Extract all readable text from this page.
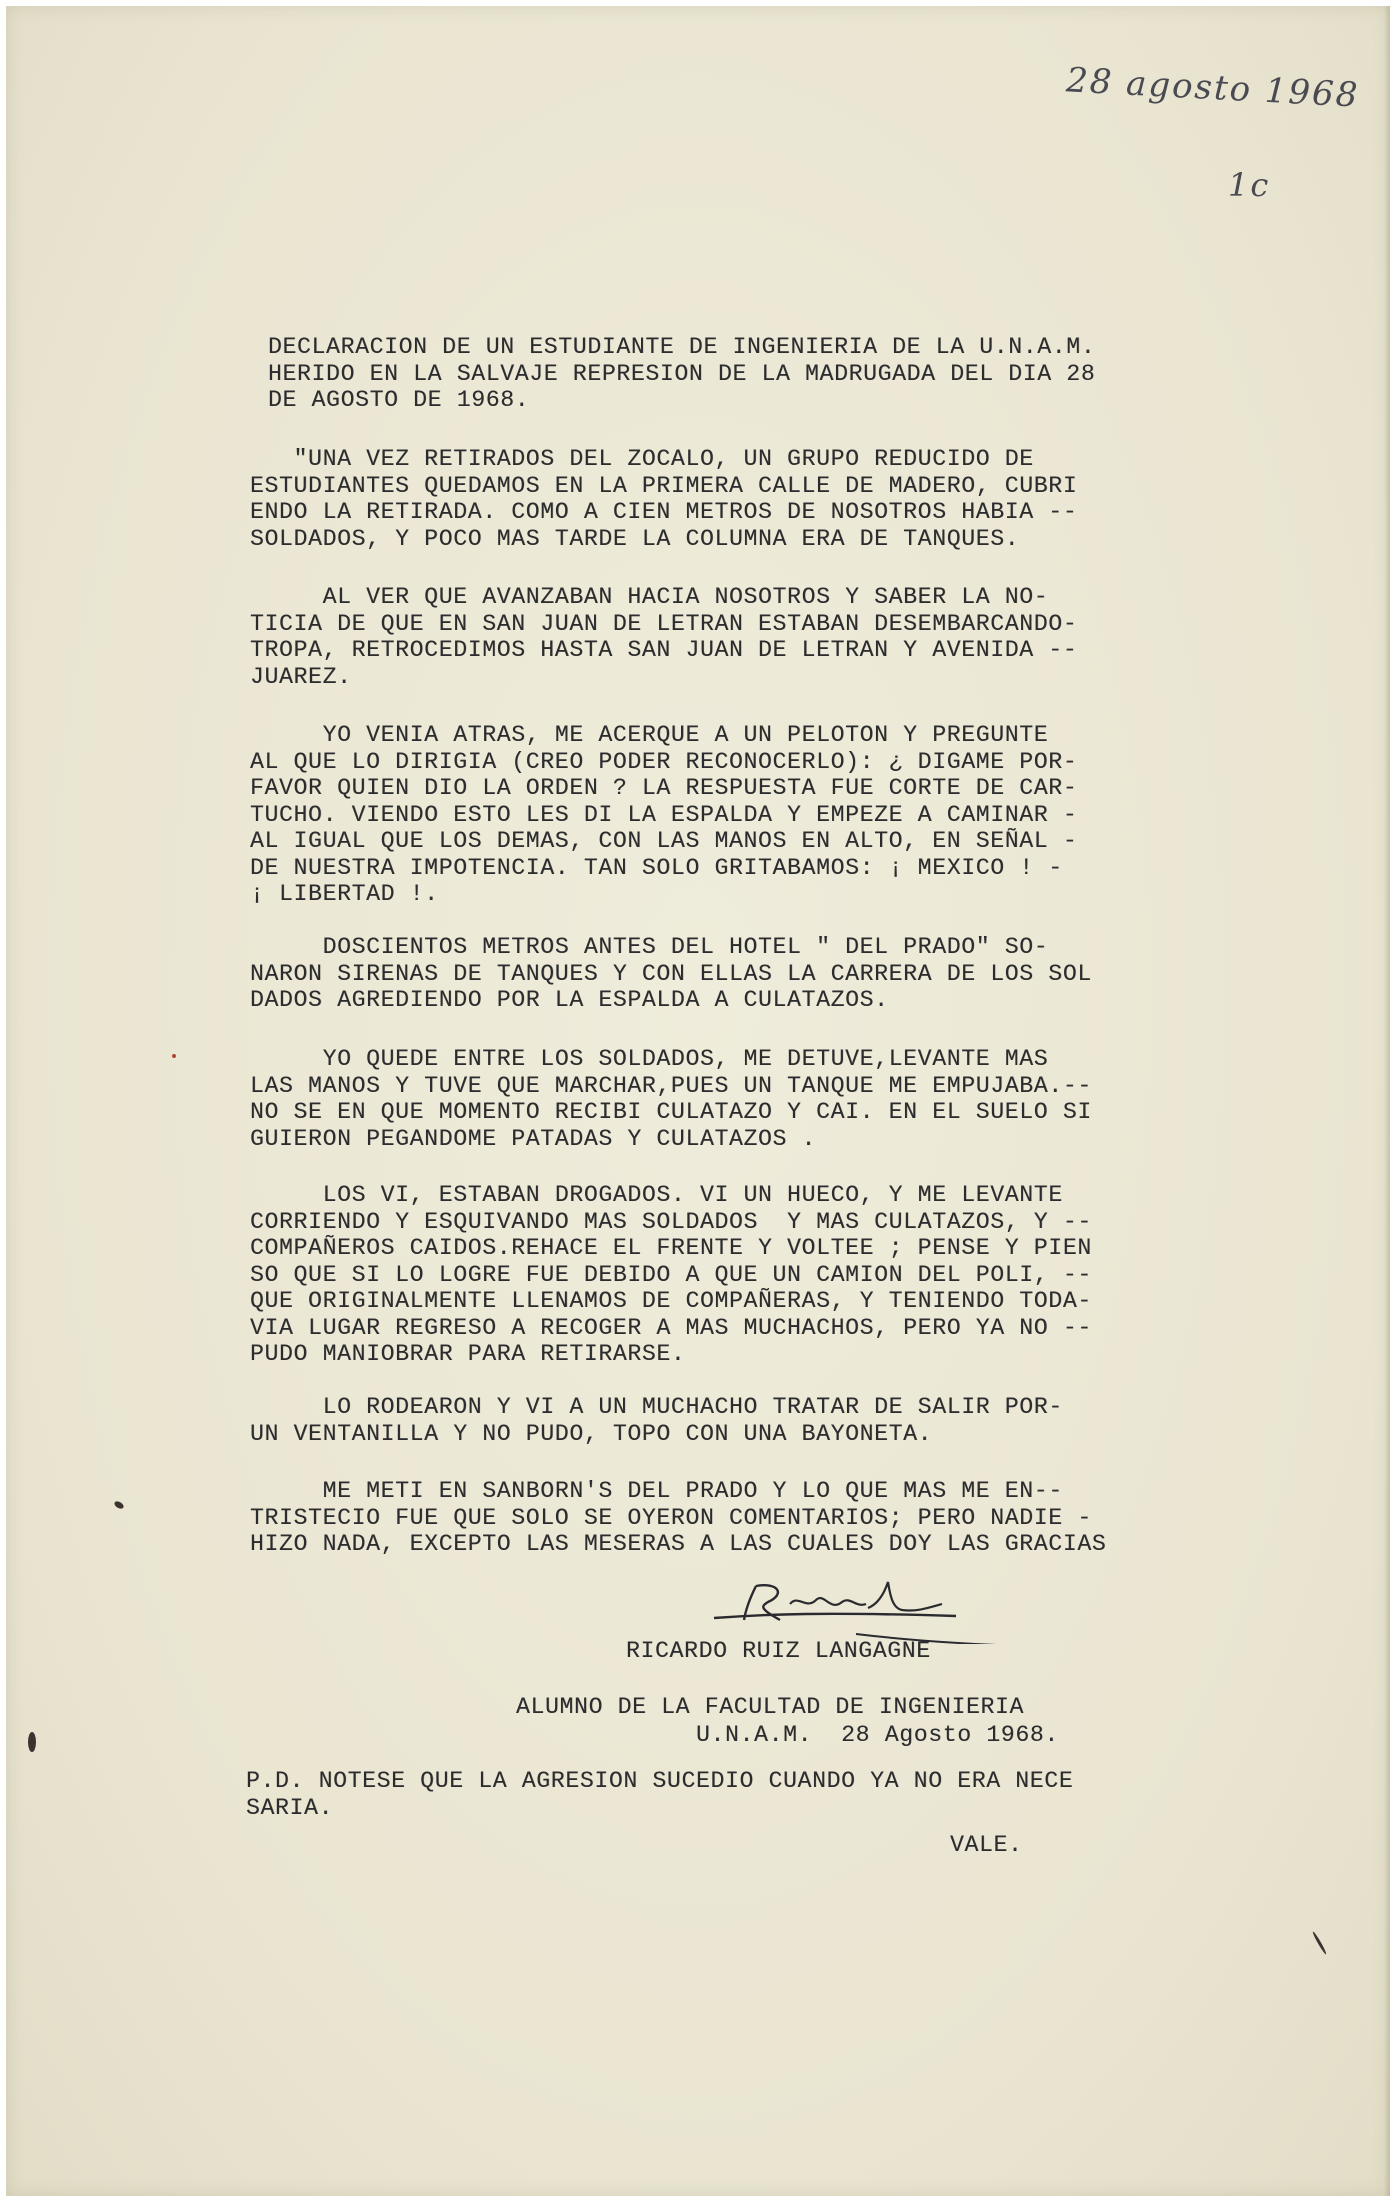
28 agosto 1968
1c

DECLARACION DE UN ESTUDIANTE DE INGENIERIA DE LA U.N.A.M.

HERIDO EN LA SALVAJE REPRESION DE LA MADRUGADA DEL DIA 28

DE AGOSTO DE 1968.

"UNA VEZ RETIRADOS DEL ZOCALO, UN GRUPO REDUCIDO DE

ESTUDIANTES QUEDAMOS EN LA PRIMERA CALLE DE MADERO, CUBRI

ENDO LA RETIRADA. COMO A CIEN METROS DE NOSOTROS HABIA --

SOLDADOS, Y POCO MAS TARDE LA COLUMNA ERA DE TANQUES.

AL VER QUE AVANZABAN HACIA NOSOTROS Y SABER LA NO-

TICIA DE QUE EN SAN JUAN DE LETRAN ESTABAN DESEMBARCANDO-

TROPA, RETROCEDIMOS HASTA SAN JUAN DE LETRAN Y AVENIDA --

JUAREZ.

YO VENIA ATRAS, ME ACERQUE A UN PELOTON Y PREGUNTE

AL QUE LO DIRIGIA (CREO PODER RECONOCERLO): ¿ DIGAME POR-

FAVOR QUIEN DIO LA ORDEN ? LA RESPUESTA FUE CORTE DE CAR-

TUCHO. VIENDO ESTO LES DI LA ESPALDA Y EMPEZE A CAMINAR -

AL IGUAL QUE LOS DEMAS, CON LAS MANOS EN ALTO, EN SEÑAL -

DE NUESTRA IMPOTENCIA. TAN SOLO GRITABAMOS: ¡ MEXICO ! -

¡ LIBERTAD !.

DOSCIENTOS METROS ANTES DEL HOTEL " DEL PRADO" SO-

NARON SIRENAS DE TANQUES Y CON ELLAS LA CARRERA DE LOS SOL

DADOS AGREDIENDO POR LA ESPALDA A CULATAZOS.

YO QUEDE ENTRE LOS SOLDADOS, ME DETUVE,LEVANTE MAS

LAS MANOS Y TUVE QUE MARCHAR,PUES UN TANQUE ME EMPUJABA.--

NO SE EN QUE MOMENTO RECIBI CULATAZO Y CAI. EN EL SUELO SI

GUIERON PEGANDOME PATADAS Y CULATAZOS .

LOS VI, ESTABAN DROGADOS. VI UN HUECO, Y ME LEVANTE

CORRIENDO Y ESQUIVANDO MAS SOLDADOS  Y MAS CULATAZOS, Y --

COMPAÑEROS CAIDOS.REHACE EL FRENTE Y VOLTEE ; PENSE Y PIEN

SO QUE SI LO LOGRE FUE DEBIDO A QUE UN CAMION DEL POLI, --

QUE ORIGINALMENTE LLENAMOS DE COMPAÑERAS, Y TENIENDO TODA-

VIA LUGAR REGRESO A RECOGER A MAS MUCHACHOS, PERO YA NO --

PUDO MANIOBRAR PARA RETIRARSE.

LO RODEARON Y VI A UN MUCHACHO TRATAR DE SALIR POR-

UN VENTANILLA Y NO PUDO, TOPO CON UNA BAYONETA.

ME METI EN SANBORN'S DEL PRADO Y LO QUE MAS ME EN--

TRISTECIO FUE QUE SOLO SE OYERON COMENTARIOS; PERO NADIE -

HIZO NADA, EXCEPTO LAS MESERAS A LAS CUALES DOY LAS GRACIAS

RICARDO RUIZ LANGAGNE

ALUMNO DE LA FACULTAD DE INGENIERIA

U.N.A.M.  28 Agosto 1968.

P.D. NOTESE QUE LA AGRESION SUCEDIO CUANDO YA NO ERA NECE

SARIA.

VALE.
